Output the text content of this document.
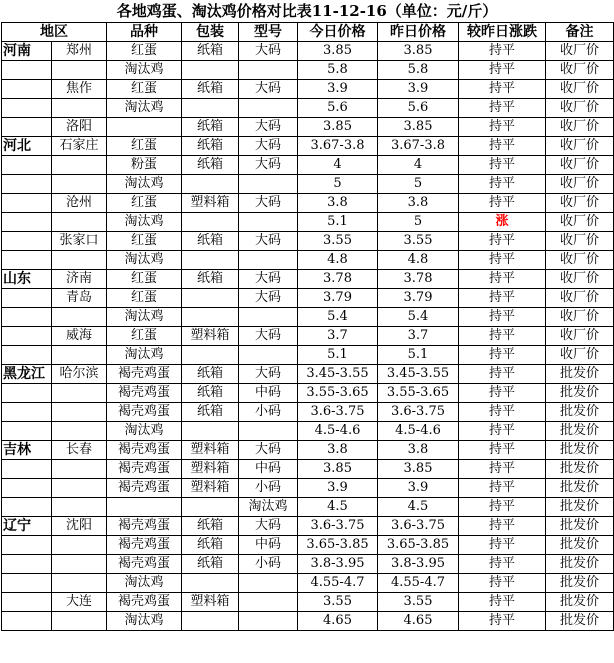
各地鸡蛋、淘汰鸡价格对比表11-12-16（单位：元/斤）
地区		品种	包装	型号	今日价格	昨日价格	较昨日涨跌	备注
河南	郑州	红蛋	纸箱	大码	3.85	3.85	持平	收厂价
		淘汰鸡			5.8	5.8	持平	收厂价
	焦作	红蛋	纸箱	大码	3.9	3.9	持平	收厂价
		淘汰鸡			5.6	5.6	持平	收厂价
	洛阳		纸箱	大码	3.85	3.85	持平	收厂价
河北	石家庄	红蛋	纸箱	大码	3.67-3.8	3.67-3.8	持平	收厂价
		粉蛋	纸箱	大码	4	4	持平	收厂价
		淘汰鸡			5	5	持平	收厂价
	沧州	红蛋	塑料箱	大码	3.8	3.8	持平	收厂价
		淘汰鸡			5.1	5	涨	收厂价
	张家口	红蛋	纸箱	大码	3.55	3.55	持平	收厂价
		淘汰鸡			4.8	4.8	持平	收厂价
山东	济南	红蛋	纸箱	大码	3.78	3.78	持平	收厂价
	青岛	红蛋		大码	3.79	3.79	持平	收厂价
		淘汰鸡			5.4	5.4	持平	收厂价
	威海	红蛋	塑料箱	大码	3.7	3.7	持平	收厂价
		淘汰鸡			5.1	5.1	持平	收厂价
黑龙江	哈尔滨	褐壳鸡蛋	纸箱	大码	3.45-3.55	3.45-3.55	持平	批发价
		褐壳鸡蛋	纸箱	中码	3.55-3.65	3.55-3.65	持平	批发价
		褐壳鸡蛋	纸箱	小码	3.6-3.75	3.6-3.75	持平	批发价
		淘汰鸡			4.5-4.6	4.5-4.6	持平	批发价
吉林	长春	褐壳鸡蛋	塑料箱	大码	3.8	3.8	持平	批发价
		褐壳鸡蛋	塑料箱	中码	3.85	3.85	持平	批发价
		褐壳鸡蛋	塑料箱	小码	3.9	3.9	持平	批发价
				淘汰鸡	4.5	4.5	持平	批发价
辽宁	沈阳	褐壳鸡蛋	纸箱	大码	3.6-3.75	3.6-3.75	持平	批发价
		褐壳鸡蛋	纸箱	中码	3.65-3.85	3.65-3.85	持平	批发价
		褐壳鸡蛋	纸箱	小码	3.8-3.95	3.8-3.95	持平	批发价
		淘汰鸡			4.55-4.7	4.55-4.7	持平	批发价
	大连	褐壳鸡蛋	塑料箱		3.55	3.55	持平	批发价
		淘汰鸡			4.65	4.65	持平	批发价
